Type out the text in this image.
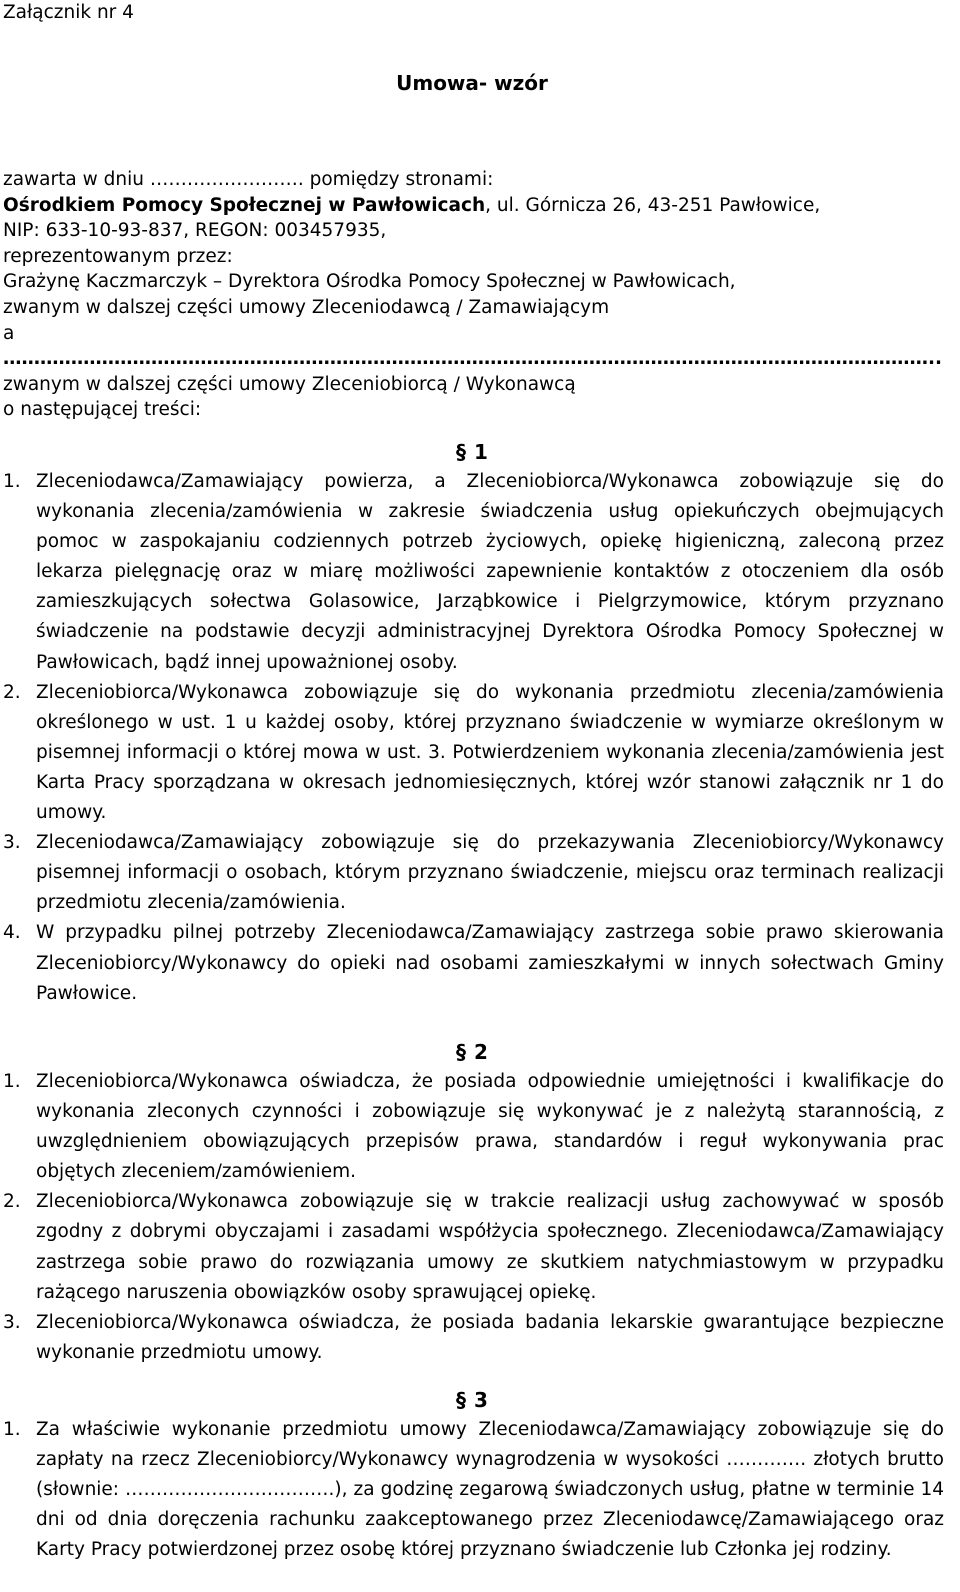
Załącznik nr 4
Umowa- wzór
zawarta w dniu ……………………. pomiędzy stronami:
Ośrodkiem Pomocy Społecznej w Pawłowicach, ul. Górnicza 26, 43-251 Pawłowice,
NIP: 633-10-93-837, REGON: 003457935,
reprezentowanym przez:
Grażynę Kaczmarczyk – Dyrektora Ośrodka Pomocy Społecznej w Pawłowicach,
zwanym w dalszej części umowy Zleceniodawcą / Zamawiającym
a
……………………………………………………………………………………………………………………………………..
zwanym w dalszej części umowy Zleceniobiorcą / Wykonawcą
o następującej treści:
§ 1
1. Zleceniodawca/Zamawiający powierza, a Zleceniobiorca/Wykonawca zobowiązuje się do wykonania zlecenia/zamówienia w zakresie świadczenia usług opiekuńczych obejmujących pomoc w zaspokajaniu codziennych potrzeb życiowych, opiekę higieniczną, zaleconą przez lekarza pielęgnację oraz w miarę możliwości zapewnienie kontaktów z otoczeniem dla osób zamieszkujących sołectwa Golasowice, Jarząbkowice i Pielgrzymowice, którym przyznano świadczenie na podstawie decyzji administracyjnej Dyrektora Ośrodka Pomocy Społecznej w Pawłowicach, bądź innej upoważnionej osoby.
2. Zleceniobiorca/Wykonawca zobowiązuje się do wykonania przedmiotu zlecenia/zamówienia określonego w ust. 1 u każdej osoby, której przyznano świadczenie w wymiarze określonym w pisemnej informacji o której mowa w ust. 3. Potwierdzeniem wykonania zlecenia/zamówienia jest Karta Pracy sporządzana w okresach jednomiesięcznych, której wzór stanowi załącznik nr 1 do umowy.
3. Zleceniodawca/Zamawiający zobowiązuje się do przekazywania Zleceniobiorcy/Wykonawcy pisemnej informacji o osobach, którym przyznano świadczenie, miejscu oraz terminach realizacji przedmiotu zlecenia/zamówienia.
4. W przypadku pilnej potrzeby Zleceniodawca/Zamawiający zastrzega sobie prawo skierowania Zleceniobiorcy/Wykonawcy do opieki nad osobami zamieszkałymi w innych sołectwach Gminy Pawłowice.
§ 2
1. Zleceniobiorca/Wykonawca oświadcza, że posiada odpowiednie umiejętności i kwalifikacje do wykonania zleconych czynności i zobowiązuje się wykonywać je z należytą starannością, z uwzględnieniem obowiązujących przepisów prawa, standardów i reguł wykonywania prac objętych zleceniem/zamówieniem.
2. Zleceniobiorca/Wykonawca zobowiązuje się w trakcie realizacji usług zachowywać w sposób zgodny z dobrymi obyczajami i zasadami współżycia społecznego. Zleceniodawca/Zamawiający zastrzega sobie prawo do rozwiązania umowy ze skutkiem natychmiastowym w przypadku rażącego naruszenia obowiązków osoby sprawującej opiekę.
3. Zleceniobiorca/Wykonawca oświadcza, że posiada badania lekarskie gwarantujące bezpieczne wykonanie przedmiotu umowy.
§ 3
1. Za właściwie wykonanie przedmiotu umowy Zleceniodawca/Zamawiający zobowiązuje się do zapłaty na rzecz Zleceniobiorcy/Wykonawcy wynagrodzenia w wysokości …………. złotych brutto (słownie: …………………………….), za godzinę zegarową świadczonych usług, płatne w terminie 14 dni od dnia doręczenia rachunku zaakceptowanego przez Zleceniodawcę/Zamawiającego oraz Karty Pracy potwierdzonej przez osobę której przyznano świadczenie lub Członka jej rodziny.
